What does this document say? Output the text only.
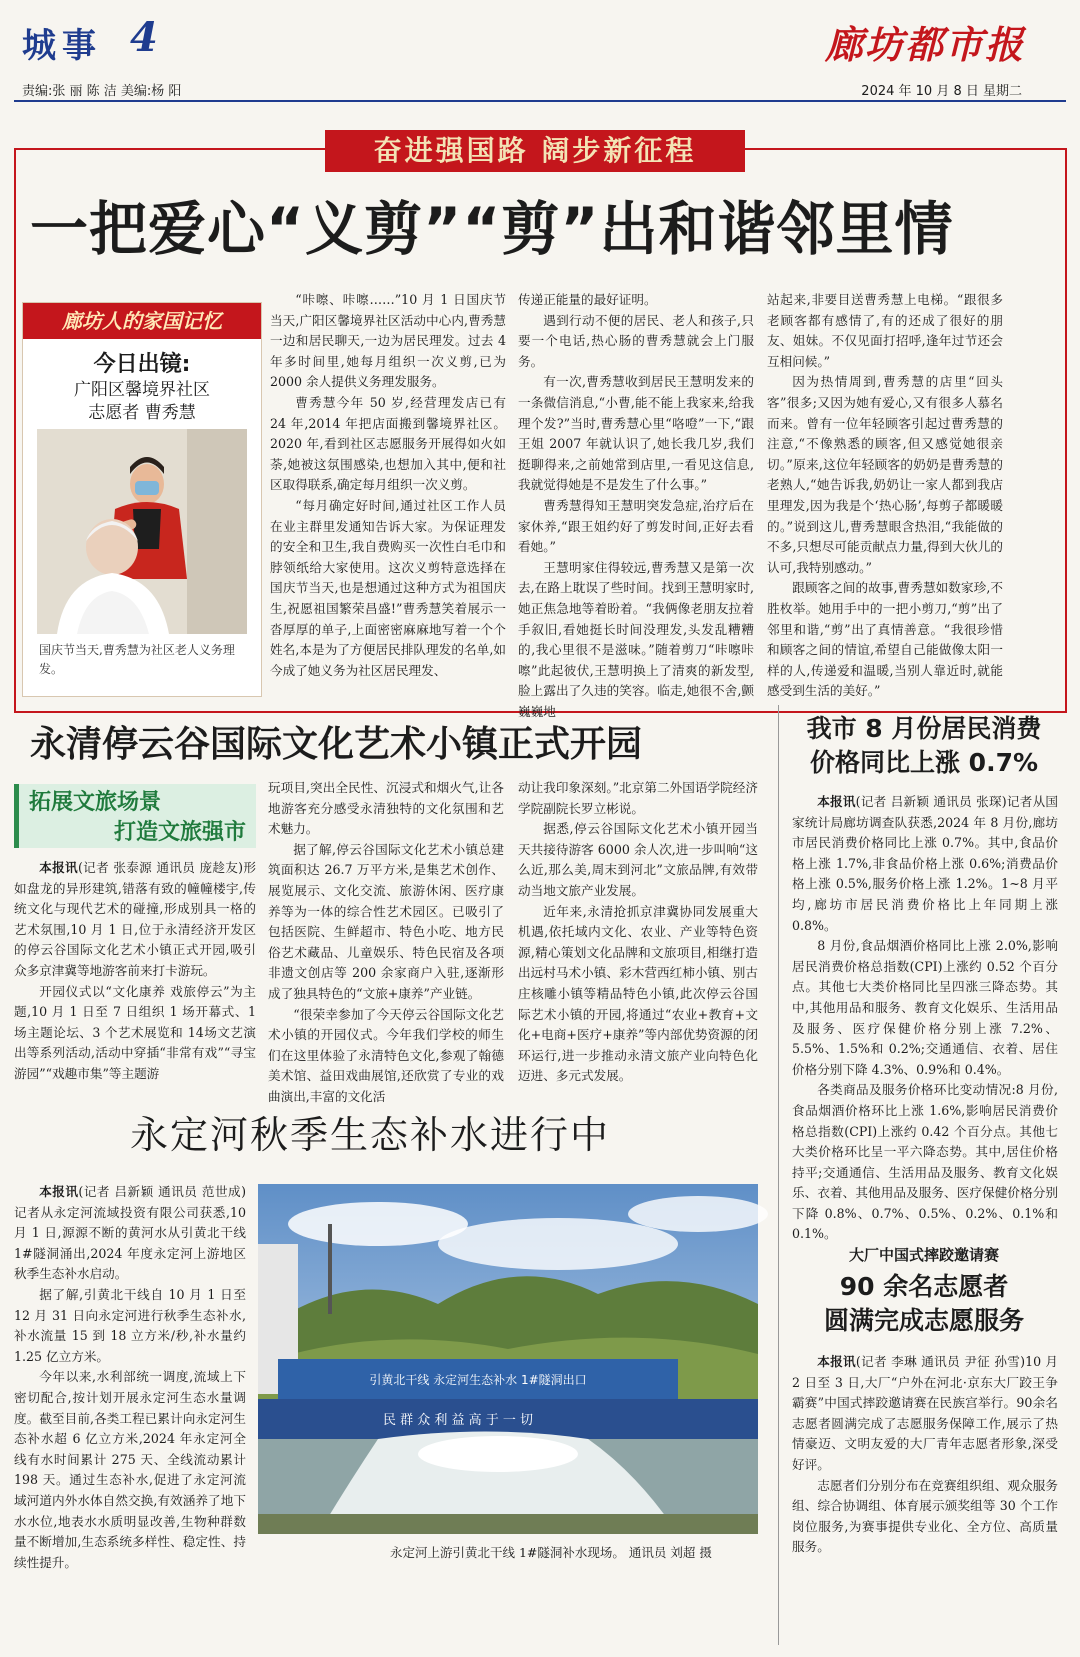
城事 4	廊坊都市报
责编:张 丽 陈 洁 美编:杨 阳	2024 年 10 月 8 日 星期二
奋进强国路 阔步新征程
一把爱心“义剪”“剪”出和谐邻里情
廊坊人的家国记忆
今日出镜:
广阳区馨境界社区
志愿者 曹秀慧
国庆节当天,曹秀慧为社区老人义务理发。

“咔嚓、咔嚓……”10 月 1 日国庆节当天,广阳区馨境界社区活动中心内,曹秀慧一边和居民聊天,一边为居民理发。过去 4 年多时间里,她每月组织一次义剪,已为 2000 余人提供义务理发服务。

曹秀慧今年 50 岁,经营理发店已有 24 年,2014 年把店面搬到馨境界社区。2020 年,看到社区志愿服务开展得如火如荼,她被这氛围感染,也想加入其中,便和社区取得联系,确定每月组织一次义剪。

“每月确定好时间,通过社区工作人员在业主群里发通知告诉大家。为保证理发的安全和卫生,我自费购买一次性白毛巾和脖领纸给大家使用。这次义剪特意选择在国庆节当天,也是想通过这种方式为祖国庆生,祝愿祖国繁荣昌盛!”曹秀慧笑着展示一沓厚厚的单子,上面密密麻麻地写着一个个姓名,本是为了方便居民排队理发的名单,如今成了她义务为社区居民理发、

传递正能量的最好证明。

遇到行动不便的居民、老人和孩子,只要一个电话,热心肠的曹秀慧就会上门服务。

有一次,曹秀慧收到居民王慧明发来的一条微信消息,“小曹,能不能上我家来,给我理个发?”当时,曹秀慧心里“咯噔”一下,“跟王姐 2007 年就认识了,她长我几岁,我们挺聊得来,之前她常到店里,一看见这信息,我就觉得她是不是发生了什么事。”

曹秀慧得知王慧明突发急症,治疗后在家休养,“跟王姐约好了剪发时间,正好去看看她。”

王慧明家住得较远,曹秀慧又是第一次去,在路上耽误了些时间。找到王慧明家时,她正焦急地等着盼着。“我俩像老朋友拉着手叙旧,看她挺长时间没理发,头发乱糟糟的,我心里很不是滋味。”随着剪刀“咔嚓咔嚓”此起彼伏,王慧明换上了清爽的新发型,脸上露出了久违的笑容。临走,她很不舍,颤巍巍地

站起来,非要目送曹秀慧上电梯。“跟很多老顾客都有感情了,有的还成了很好的朋友、姐妹。不仅见面打招呼,逢年过节还会互相问候。”

因为热情周到,曹秀慧的店里“回头客”很多;又因为她有爱心,又有很多人慕名而来。曾有一位年轻顾客引起过曹秀慧的注意,“不像熟悉的顾客,但又感觉她很亲切。”原来,这位年轻顾客的奶奶是曹秀慧的老熟人,“她告诉我,奶奶让一家人都到我店里理发,因为我是个‘热心肠’,每剪子都暖暖的。”说到这儿,曹秀慧眼含热泪,“我能做的不多,只想尽可能贡献点力量,得到大伙儿的认可,我特别感动。”

跟顾客之间的故事,曹秀慧如数家珍,不胜枚举。她用手中的一把小剪刀,“剪”出了邻里和谐,“剪”出了真情善意。“我很珍惜和顾客之间的情谊,希望自己能做像太阳一样的人,传递爱和温暖,当别人靠近时,就能感受到生活的美好。”

永清停云谷国际文化艺术小镇正式开园
拓展文旅场景
打造文旅强市

本报讯(记者 张泰源 通讯员 庞趁友)形如盘龙的异形建筑,错落有致的幢幢楼宇,传统文化与现代艺术的碰撞,形成别具一格的艺术氛围,10 月 1 日,位于永清经济开发区的停云谷国际文化艺术小镇正式开园,吸引众多京津冀等地游客前来打卡游玩。

开园仪式以“文化康养 戏旅停云”为主题,10 月 1 日至 7 日组织 1 场开幕式、1场主题论坛、3 个艺术展览和 14场文艺演出等系列活动,活动中穿插“非常有戏”“寻宝游园”“戏趣市集”等主题游

玩项目,突出全民性、沉浸式和烟火气,让各地游客充分感受永清独特的文化氛围和艺术魅力。

据了解,停云谷国际文化艺术小镇总建筑面积达 26.7 万平方米,是集艺术创作、展览展示、文化交流、旅游休闲、医疗康养等为一体的综合性艺术园区。已吸引了包括医院、生鲜超市、特色小吃、地方民俗艺术藏品、儿童娱乐、特色民宿及各项非遗文创店等 200 余家商户入驻,逐渐形成了独具特色的“文旅+康养”产业链。

“很荣幸参加了今天停云谷国际文化艺术小镇的开园仪式。今年我们学校的师生们在这里体验了永清特色文化,参观了翰德美术馆、益田戏曲展馆,还欣赏了专业的戏曲演出,丰富的文化活

动让我印象深刻。”北京第二外国语学院经济学院副院长罗立彬说。

据悉,停云谷国际文化艺术小镇开园当天共接待游客 6000 余人次,进一步叫响“这么近,那么美,周末到河北”文旅品牌,有效带动当地文旅产业发展。

近年来,永清抢抓京津冀协同发展重大机遇,依托域内文化、农业、产业等特色资源,精心策划文化品牌和文旅项目,相继打造出远村马术小镇、彩木营西红柿小镇、别古庄核雕小镇等精品特色小镇,此次停云谷国际艺术小镇的开园,将通过“农业+教育+文化+电商+医疗+康养”等内部优势资源的闭环运行,进一步推动永清文旅产业向特色化迈进、多元式发展。

永定河秋季生态补水进行中

本报讯(记者 吕新颖 通讯员 范世成)记者从永定河流域投资有限公司获悉,10 月 1 日,源源不断的黄河水从引黄北干线 1#隧洞涌出,2024 年度永定河上游地区秋季生态补水启动。

据了解,引黄北干线自 10 月 1 日至 12 月 31 日向永定河进行秋季生态补水,补水流量 15 到 18 立方米/秒,补水量约 1.25 亿立方米。

今年以来,水利部统一调度,流域上下密切配合,按计划开展永定河生态水量调度。截至目前,各类工程已累计向永定河生态补水超 6 亿立方米,2024 年永定河全线有水时间累计 275 天、全线流动累计 198 天。通过生态补水,促进了永定河流域河道内外水体自然交换,有效涵养了地下水水位,地表水水质明显改善,生物种群数量不断增加,生态系统多样性、稳定性、持续性提升。

引黄北干线 永定河生态补水 1#隧洞出口
民 群 众 利 益 高 于 一 切
永定河上游引黄北干线 1#隧洞补水现场。 通讯员 刘超 摄
我市 8 月份居民消费
价格同比上涨 0.7%

本报讯(记者 吕新颖 通讯员 张琛)记者从国家统计局廊坊调查队获悉,2024 年 8 月份,廊坊市居民消费价格同比上涨 0.7%。其中,食品价格上涨 1.7%,非食品价格上涨 0.6%;消费品价格上涨 0.5%,服务价格上涨 1.2%。1~8 月平均,廊坊市居民消费价格比上年同期上涨 0.8%。

8 月份,食品烟酒价格同比上涨 2.0%,影响居民消费价格总指数(CPI)上涨约 0.52 个百分点。其他七大类价格同比呈四涨三降态势。其中,其他用品和服务、教育文化娱乐、生活用品及服务、医疗保健价格分别上涨 7.2%、5.5%、1.5%和 0.2%;交通通信、衣着、居住价格分别下降 4.3%、0.9%和 0.4%。

各类商品及服务价格环比变动情况:8 月份,食品烟酒价格环比上涨 1.6%,影响居民消费价格总指数(CPI)上涨约 0.42 个百分点。其他七大类价格环比呈一平六降态势。其中,居住价格持平;交通通信、生活用品及服务、教育文化娱乐、衣着、其他用品及服务、医疗保健价格分别下降 0.8%、0.7%、0.5%、0.2%、0.1%和 0.1%。

大厂中国式摔跤邀请赛
90 余名志愿者
圆满完成志愿服务

本报讯(记者 李琳 通讯员 尹征 孙雪)10 月 2 日至 3 日,大厂“户外在河北·京东大厂跤王争霸赛”中国式摔跤邀请赛在民族宫举行。90余名志愿者圆满完成了志愿服务保障工作,展示了热情豪迈、文明友爱的大厂青年志愿者形象,深受好评。

志愿者们分别分布在竞赛组织组、观众服务组、综合协调组、体育展示颁奖组等 30 个工作岗位服务,为赛事提供专业化、全方位、高质量服务。
